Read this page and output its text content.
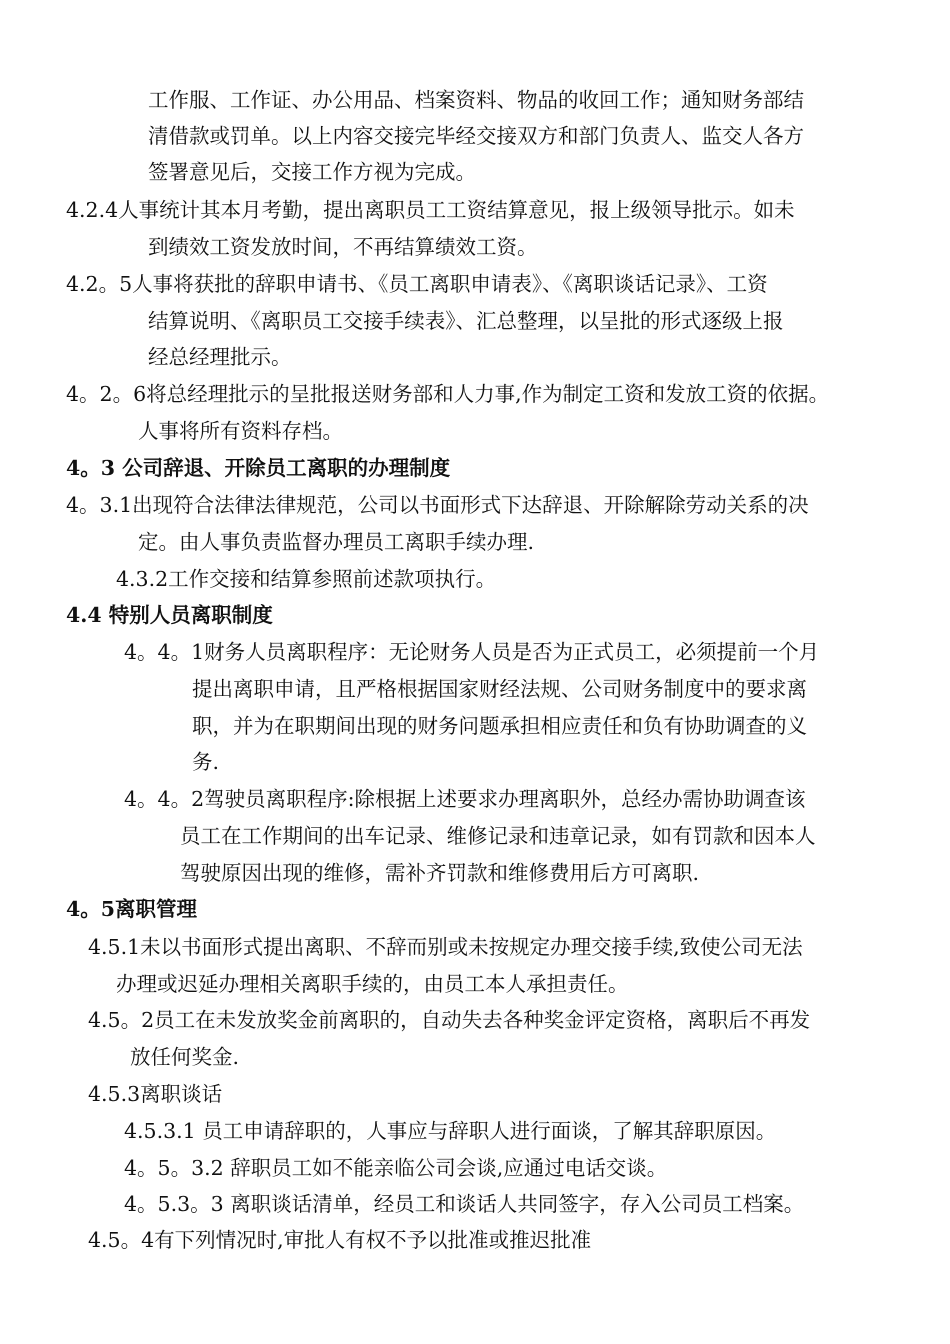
工作服、工作证、办公用品、档案资料、物品的收回工作；通知财务部结
清借款或罚单。以上内容交接完毕经交接双方和部门负责人、监交人各方
签署意见后，交接工作方视为完成。
4.2.4人事统计其本月考勤，提出离职员工工资结算意见，报上级领导批示。如未
到绩效工资发放时间，不再结算绩效工资。
4.2。5人事将获批的辞职申请书、《员工离职申请表》、《离职谈话记录》、工资
结算说明、《离职员工交接手续表》、汇总整理，以呈批的形式逐级上报
经总经理批示。
4。2。6将总经理批示的呈批报送财务部和人力事,作为制定工资和发放工资的依据。
人事将所有资料存档。
4。3 公司辞退、开除员工离职的办理制度
4。3.1出现符合法律法律规范，公司以书面形式下达辞退、开除解除劳动关系的决
定。由人事负责监督办理员工离职手续办理.
4.3.2工作交接和结算参照前述款项执行。
4.4 特别人员离职制度
4。4。1财务人员离职程序：无论财务人员是否为正式员工，必须提前一个月
提出离职申请，且严格根据国家财经法规、公司财务制度中的要求离
职，并为在职期间出现的财务问题承担相应责任和负有协助调查的义
务.
4。4。2驾驶员离职程序:除根据上述要求办理离职外，总经办需协助调查该
员工在工作期间的出车记录、维修记录和违章记录，如有罚款和因本人
驾驶原因出现的维修，需补齐罚款和维修费用后方可离职.
4。5离职管理
4.5.1未以书面形式提出离职、不辞而别或未按规定办理交接手续,致使公司无法
办理或迟延办理相关离职手续的，由员工本人承担责任。
4.5。2员工在未发放奖金前离职的，自动失去各种奖金评定资格，离职后不再发
放任何奖金.
4.5.3离职谈话
4.5.3.1 员工申请辞职的，人事应与辞职人进行面谈，了解其辞职原因。
4。5。3.2 辞职员工如不能亲临公司会谈,应通过电话交谈。
4。5.3。3 离职谈话清单，经员工和谈话人共同签字，存入公司员工档案。
4.5。4有下列情况时,审批人有权不予以批准或推迟批准
